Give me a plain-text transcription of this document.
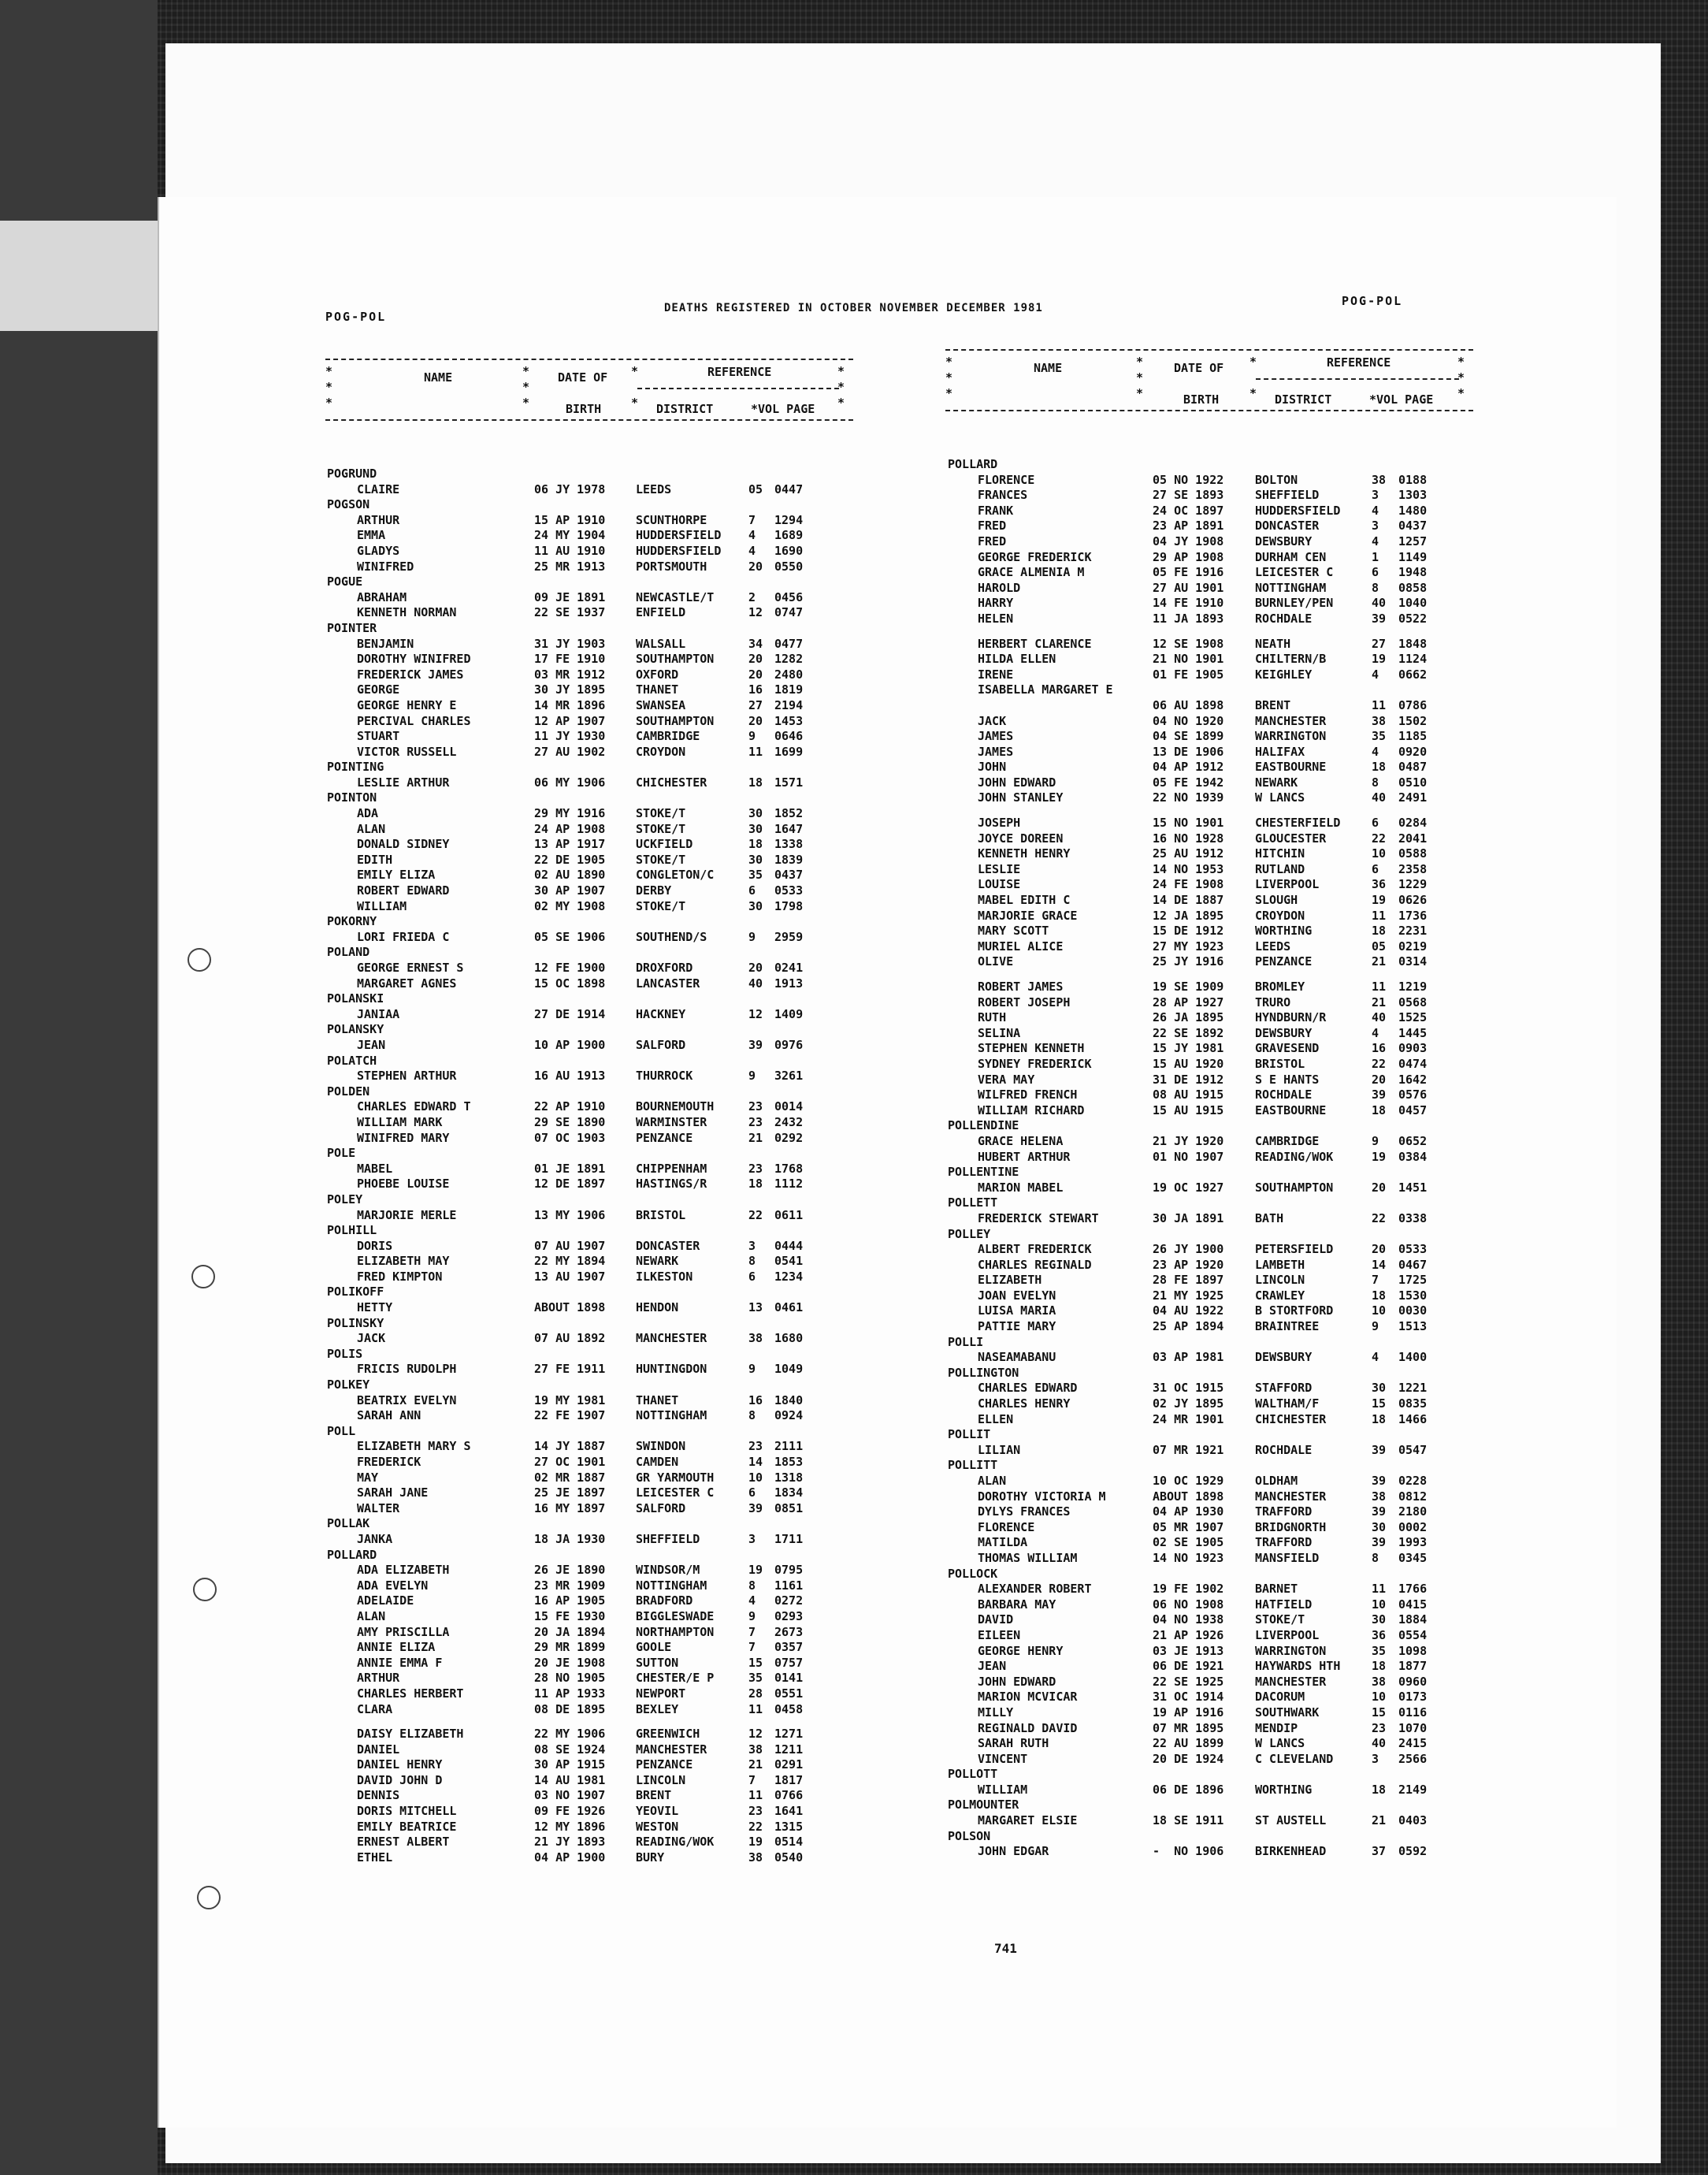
POG-POL
DEATHS REGISTERED IN OCTOBER NOVEMBER DECEMBER 1981	POG-POL
*
*
*
*
*
*
*
*
*
*
*
NAME	DATE OF
BIRTH
REFERENCE
DISTRICT	*VOL PAGE
*
*
*
*
*
*
*
*
*
*
*
NAME	DATE OF
BIRTH
REFERENCE
DISTRICT	*VOL PAGE
POGRUND
CLAIRE	06 JY 1978	LEEDS	05 0447
POGSON
ARTHUR	15 AP 1910	SCUNTHORPE	7 1294
EMMA	24 MY 1904	HUDDERSFIELD 4 1689
GLADYS	11 AU 1910	HUDDERSFIELD 4 1690
WINIFRED	25 MR 1913	PORTSMOUTH	20 0550
POGUE
ABRAHAM	09 JE 1891	NEWCASTLE/T	2 0456
KENNETH NORMAN	22 SE 1937	ENFIELD	12 0747
POINTER
BENJAMIN	31 JY 1903	WALSALL	34 0477
DOROTHY WINIFRED	17 FE 1910	SOUTHAMPTON	20 1282
FREDERICK JAMES	03 MR 1912	OXFORD	20 2480
GEORGE	30 JY 1895	THANET	16 1819
GEORGE HENRY E	14 MR 1896	SWANSEA	27 2194
PERCIVAL CHARLES	12 AP 1907	SOUTHAMPTON	20 1453
STUART	11 JY 1930	CAMBRIDGE	9 0646
VICTOR RUSSELL	27 AU 1902	CROYDON	11 1699
POINTING
LESLIE ARTHUR	06 MY 1906	CHICHESTER	18 1571
POINTON
ADA	29 MY 1916	STOKE/T	30 1852
ALAN	24 AP 1908	STOKE/T	30 1647
DONALD SIDNEY	13 AP 1917	UCKFIELD	18 1338
EDITH	22 DE 1905	STOKE/T	30 1839
EMILY ELIZA	02 AU 1890	CONGLETON/C	35 0437
ROBERT EDWARD	30 AP 1907	DERBY	6 0533
WILLIAM	02 MY 1908	STOKE/T	30 1798
POKORNY
LORI FRIEDA C	05 SE 1906	SOUTHEND/S	9 2959
POLAND
GEORGE ERNEST S	12 FE 1900	DROXFORD	20 0241
MARGARET AGNES	15 OC 1898	LANCASTER	40 1913
POLANSKI
JANIAA	27 DE 1914	HACKNEY	12 1409
POLANSKY
JEAN	10 AP 1900	SALFORD	39 0976
POLATCH
STEPHEN ARTHUR	16 AU 1913	THURROCK	9 3261
POLDEN
CHARLES EDWARD T	22 AP 1910	BOURNEMOUTH	23 0014
WILLIAM MARK	29 SE 1890	WARMINSTER	23 2432
WINIFRED MARY	07 OC 1903	PENZANCE	21 0292
POLE
MABEL	01 JE 1891	CHIPPENHAM	23 1768
PHOEBE LOUISE	12 DE 1897	HASTINGS/R	18 1112
POLEY
MARJORIE MERLE	13 MY 1906	BRISTOL	22 0611
POLHILL
DORIS	07 AU 1907	DONCASTER	3 0444
ELIZABETH MAY	22 MY 1894	NEWARK	8 0541
FRED KIMPTON	13 AU 1907	ILKESTON	6 1234
POLIKOFF
HETTY	ABOUT 1898	HENDON	13 0461
POLINSKY
JACK	07 AU 1892	MANCHESTER	38 1680
POLIS
FRICIS RUDOLPH	27 FE 1911	HUNTINGDON	9 1049
POLKEY
BEATRIX EVELYN	19 MY 1981	THANET	16 1840
SARAH ANN	22 FE 1907	NOTTINGHAM	8 0924
POLL
ELIZABETH MARY S	14 JY 1887	SWINDON	23 2111
FREDERICK	27 OC 1901	CAMDEN	14 1853
MAY	02 MR 1887	GR YARMOUTH	10 1318
SARAH JANE	25 JE 1897	LEICESTER C	6 1834
WALTER	16 MY 1897	SALFORD	39 0851
POLLAK
JANKA	18 JA 1930	SHEFFIELD	3 1711
POLLARD
ADA ELIZABETH	26 JE 1890	WINDSOR/M	19 0795
ADA EVELYN	23 MR 1909	NOTTINGHAM	8 1161
ADELAIDE	16 AP 1905	BRADFORD	4 0272
ALAN	15 FE 1930	BIGGLESWADE	9 0293
AMY PRISCILLA	20 JA 1894	NORTHAMPTON	7 2673
ANNIE ELIZA	29 MR 1899	GOOLE	7 0357
ANNIE EMMA F	20 JE 1908	SUTTON	15 0757
ARTHUR	28 NO 1905	CHESTER/E P	35 0141
CHARLES HERBERT	11 AP 1933	NEWPORT	28 0551
CLARA	08 DE 1895	BEXLEY	11 0458
DAISY ELIZABETH	22 MY 1906	GREENWICH	12 1271
DANIEL	08 SE 1924	MANCHESTER	38 1211
DANIEL HENRY	30 AP 1915	PENZANCE	21 0291
DAVID JOHN D	14 AU 1981	LINCOLN	7 1817
DENNIS	03 NO 1907	BRENT	11 0766
DORIS MITCHELL	09 FE 1926	YEOVIL	23 1641
EMILY BEATRICE	12 MY 1896	WESTON	22 1315
ERNEST ALBERT	21 JY 1893	READING/WOK	19 0514
ETHEL	04 AP 1900	BURY	38 0540
POLLARD
FLORENCE	05 NO 1922	BOLTON	38 0188
FRANCES	27 SE 1893	SHEFFIELD	3 1303
FRANK	24 OC 1897	HUDDERSFIELD	4 1480
FRED	23 AP 1891	DONCASTER	3 0437
FRED	04 JY 1908	DEWSBURY	4 1257
GEORGE FREDERICK	29 AP 1908	DURHAM CEN	1 1149
GRACE ALMENIA M	05 FE 1916	LEICESTER C	6 1948
HAROLD	27 AU 1901	NOTTINGHAM	8 0858
HARRY	14 FE 1910	BURNLEY/PEN	40 1040
HELEN	11 JA 1893	ROCHDALE	39 0522
HERBERT CLARENCE	12 SE 1908	NEATH	27 1848
HILDA ELLEN	21 NO 1901	CHILTERN/B	19 1124
IRENE	01 FE 1905	KEIGHLEY	4 0662
ISABELLA MARGARET E
06 AU 1898	BRENT	11 0786
JACK	04 NO 1920	MANCHESTER	38 1502
JAMES	04 SE 1899	WARRINGTON	35 1185
JAMES	13 DE 1906	HALIFAX	4 0920
JOHN	04 AP 1912	EASTBOURNE	18 0487
JOHN EDWARD	05 FE 1942	NEWARK	8 0510
JOHN STANLEY	22 NO 1939	W LANCS	40 2491
JOSEPH	15 NO 1901	CHESTERFIELD	6 0284
JOYCE DOREEN	16 NO 1928	GLOUCESTER	22 2041
KENNETH HENRY	25 AU 1912	HITCHIN	10 0588
LESLIE	14 NO 1953	RUTLAND	6 2358
LOUISE	24 FE 1908	LIVERPOOL	36 1229
MABEL EDITH C	14 DE 1887	SLOUGH	19 0626
MARJORIE GRACE	12 JA 1895	CROYDON	11 1736
MARY SCOTT	15 DE 1912	WORTHING	18 2231
MURIEL ALICE	27 MY 1923	LEEDS	05 0219
OLIVE	25 JY 1916	PENZANCE	21 0314
ROBERT JAMES	19 SE 1909	BROMLEY	11 1219
ROBERT JOSEPH	28 AP 1927	TRURO	21 0568
RUTH	26 JA 1895	HYNDBURN/R	40 1525
SELINA	22 SE 1892	DEWSBURY	4 1445
STEPHEN KENNETH	15 JY 1981	GRAVESEND	16 0903
SYDNEY FREDERICK	15 AU 1920	BRISTOL	22 0474
VERA MAY	31 DE 1912	S E HANTS	20 1642
WILFRED FRENCH	08 AU 1915	ROCHDALE	39 0576
WILLIAM RICHARD	15 AU 1915	EASTBOURNE	18 0457
POLLENDINE
GRACE HELENA	21 JY 1920	CAMBRIDGE	9 0652
HUBERT ARTHUR	01 NO 1907	READING/WOK	19 0384
POLLENTINE
MARION MABEL	19 OC 1927	SOUTHAMPTON	20 1451
POLLETT
FREDERICK STEWART	30 JA 1891	BATH	22 0338
POLLEY
ALBERT FREDERICK	26 JY 1900	PETERSFIELD	20 0533
CHARLES REGINALD	23 AP 1920	LAMBETH	14 0467
ELIZABETH	28 FE 1897	LINCOLN	7 1725
JOAN EVELYN	21 MY 1925	CRAWLEY	18 1530
LUISA MARIA	04 AU 1922	B STORTFORD	10 0030
PATTIE MARY	25 AP 1894	BRAINTREE	9 1513
POLLI
NASEAMABANU	03 AP 1981	DEWSBURY	4 1400
POLLINGTON
CHARLES EDWARD	31 OC 1915	STAFFORD	30 1221
CHARLES HENRY	02 JY 1895	WALTHAM/F	15 0835
ELLEN	24 MR 1901	CHICHESTER	18 1466
POLLIT
LILIAN	07 MR 1921	ROCHDALE	39 0547
POLLITT
ALAN	10 OC 1929	OLDHAM	39 0228
DOROTHY VICTORIA M	ABOUT 1898	MANCHESTER	38 0812
DYLYS FRANCES	04 AP 1930	TRAFFORD	39 2180
FLORENCE	05 MR 1907	BRIDGNORTH	30 0002
MATILDA	02 SE 1905	TRAFFORD	39 1993
THOMAS WILLIAM	14 NO 1923	MANSFIELD	8 0345
POLLOCK
ALEXANDER ROBERT	19 FE 1902	BARNET	11 1766
BARBARA MAY	06 NO 1908	HATFIELD	10 0415
DAVID	04 NO 1938	STOKE/T	30 1884
EILEEN	21 AP 1926	LIVERPOOL	36 0554
GEORGE HENRY	03 JE 1913	WARRINGTON	35 1098
JEAN	06 DE 1921	HAYWARDS HTH	18 1877
JOHN EDWARD	22 SE 1925	MANCHESTER	38 0960
MARION MCVICAR	31 OC 1914	DACORUM	10 0173
MILLY	19 AP 1916	SOUTHWARK	15 0116
REGINALD DAVID	07 MR 1895	MENDIP	23 1070
SARAH RUTH	22 AU 1899	W LANCS	40 2415
VINCENT	20 DE 1924	C CLEVELAND	3 2566
POLLOTT
WILLIAM	06 DE 1896	WORTHING	18 2149
POLMOUNTER
MARGARET ELSIE	18 SE 1911	ST AUSTELL	21 0403
POLSON
JOHN EDGAR	-  NO 1906	BIRKENHEAD	37 0592
741
